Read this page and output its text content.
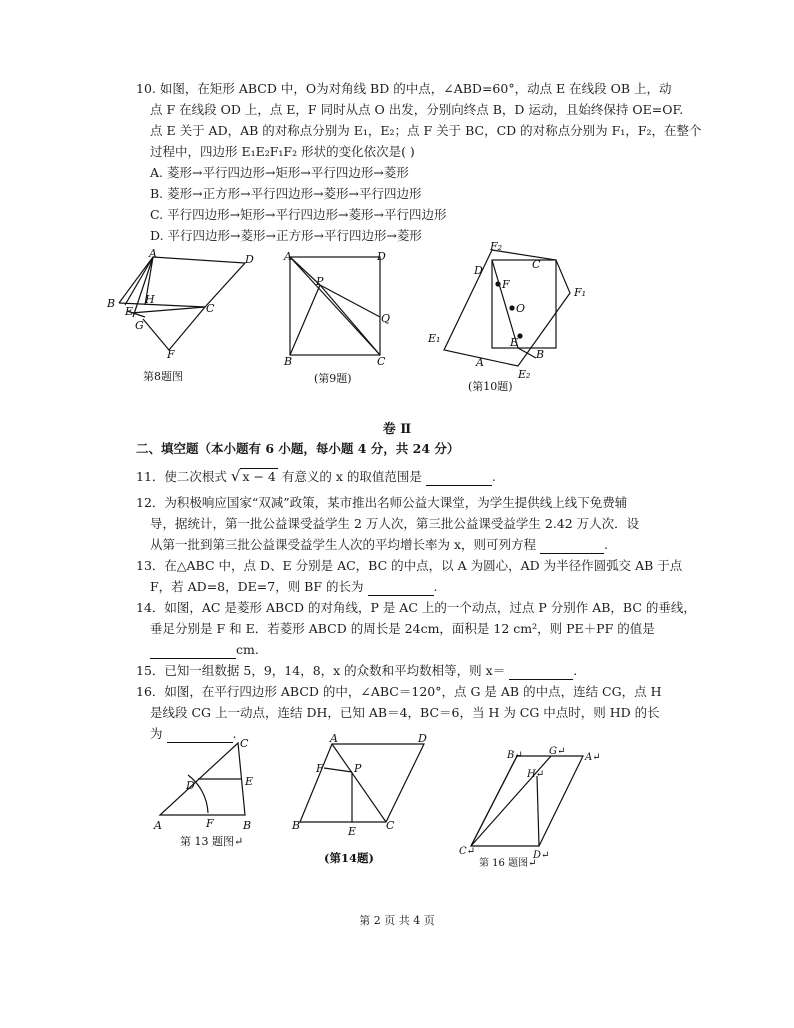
10. 如图，在矩形 ABCD 中，O为对角线 BD 的中点，∠ABD=60°，动点 E 在线段 OB 上，动
点 F 在线段 OD 上，点 E，F 同时从点 O 出发，分别向终点 B，D 运动，且始终保持 OE=OF.
点 E 关于 AD，AB 的对称点分别为 E₁，E₂；点 F 关于 BC，CD 的对称点分别为 F₁，F₂，在整个
过程中，四边形 E₁E₂F₁F₂ 形状的变化依次是( )
A. 菱形→平行四边形→矩形→平行四边形→菱形
B. 菱形→正方形→平行四边形→菱形→平行四边形
C. 平行四边形→矩形→平行四边形→菱形→平行四边形
D. 平行四边形→菱形→正方形→平行四边形→菱形
A	D
B	H
C
E
G
F
第8题图
A	D
P
Q
B	C
(第9题)
F₂
D	C
F₁
F
O
E₁	E
A
B
E₂
(第10题)
卷 Ⅱ
二、填空题（本小题有 6 小题，每小题 4 分，共 24 分）
11．使二次根式 √ x − 4 有意义的 x 的取值范围是	.
12．为积极响应国家“双减”政策，某市推出名师公益大课堂，为学生提供线上线下免费辅
导，据统计，第一批公益课受益学生 2 万人次，第三批公益课受益学生 2.42 万人次．设
从第一批到第三批公益课受益学生人次的平均增长率为 x，则可列方程	.
13．在△ABC 中，点 D、E 分别是 AC，BC 的中点，以 A 为圆心，AD 为半径作圆弧交 AB 于点
F，若 AD=8，DE=7，则 BF 的长为	.
14．如图，AC 是菱形 ABCD 的对角线，P 是 AC 上的一个动点，过点 P 分别作 AB，BC 的垂线，
垂足分别是 F 和 E．若菱形 ABCD 的周长是 24cm，面积是 12 cm²，则 PE＋PF 的值是
cm.
15．已知一组数据 5，9，14，8，x 的众数和平均数相等，则 x＝	.
16．如图，在平行四边形 ABCD 的中，∠ABC＝120°，点 G 是 AB 的中点，连结 CG，点 H
是线段 CG 上一动点，连结 DH，已知 AB＝4，BC＝6，当 H 为 CG 中点时，则 HD 的长
为	.
C
D	E
A	F	B
第 13 题图↵
A	D
F	P
B	E	C
(第14题)
B↵	G↵
A↵
H↵
C↵	D↵
第 16 题图↵
第 2 页 共 4 页
